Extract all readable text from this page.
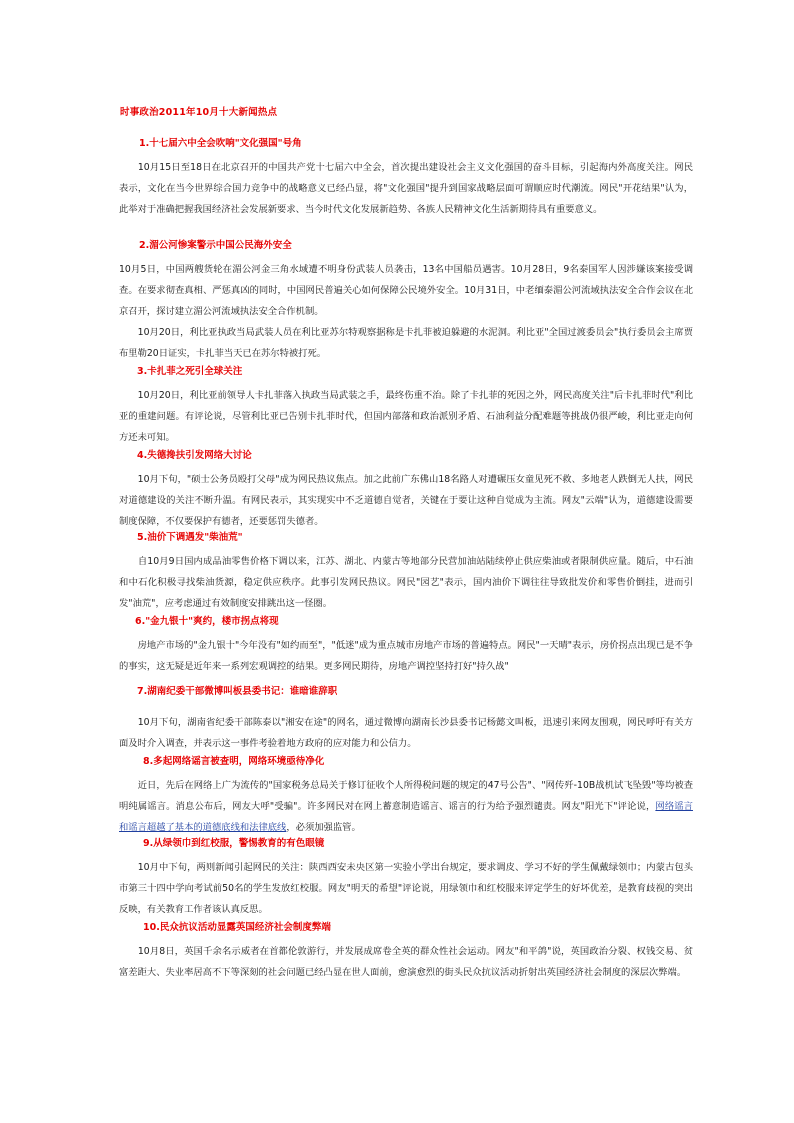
时事政治2011年10月十大新闻热点
1.十七届六中全会吹响"文化强国"号角

　　10月15日至18日在北京召开的中国共产党十七届六中全会，首次提出建设社会主义文化强国的奋斗目标，引起海内外高度关注。网民表示，文化在当今世界综合国力竞争中的战略意义已经凸显，将"文化强国"提升到国家战略层面可谓顺应时代潮流。网民"开花结果"认为，此举对于准确把握我国经济社会发展新要求、当今时代文化发展新趋势、各族人民精神文化生活新期待具有重要意义。

2.湄公河惨案警示中国公民海外安全

10月5日，中国两艘货轮在湄公河金三角水域遭不明身份武装人员袭击，13名中国船员遇害。10月28日，9名泰国军人因涉嫌该案接受调查。在要求彻查真相、严惩真凶的同时，中国网民普遍关心如何保障公民境外安全。10月31日，中老缅泰湄公河流域执法安全合作会议在北京召开，探讨建立湄公河流域执法安全合作机制。

　　10月20日，利比亚执政当局武装人员在利比亚苏尔特观察据称是卡扎菲被迫躲避的水泥洞。利比亚"全国过渡委员会"执行委员会主席贾布里勒20日证实，卡扎菲当天已在苏尔特被打死。

3.卡扎菲之死引全球关注

　　10月20日，利比亚前领导人卡扎菲落入执政当局武装之手，最终伤重不治。除了卡扎菲的死因之外，网民高度关注"后卡扎菲时代"利比亚的重建问题。有评论说，尽管利比亚已告别卡扎菲时代，但国内部落和政治派别矛盾、石油利益分配难题等挑战仍很严峻，利比亚走向何方还未可知。

4.失德搀扶引发网络大讨论

　　10月下旬，"硕士公务员殴打父母"成为网民热议焦点。加之此前广东佛山18名路人对遭碾压女童见死不救、多地老人跌倒无人扶，网民对道德建设的关注不断升温。有网民表示，其实现实中不乏道德自觉者，关键在于要让这种自觉成为主流。网友"云端"认为，道德建设需要制度保障，不仅要保护有德者，还要惩罚失德者。

5.油价下调遇发"柴油荒"

　　自10月9日国内成品油零售价格下调以来，江苏、湖北、内蒙古等地部分民营加油站陆续停止供应柴油或者限制供应量。随后，中石油和中石化积极寻找柴油货源，稳定供应秩序。此事引发网民热议。网民"园艺"表示，国内油价下调往往导致批发价和零售价倒挂，进而引发"油荒"，应考虑通过有效制度安排跳出这一怪圈。

6."金九银十"爽约，楼市拐点将现

　　房地产市场的"金九银十"今年没有"如约而至"，"低迷"成为重点城市房地产市场的普遍特点。网民"一天晴"表示，房价拐点出现已是不争的事实，这无疑是近年来一系列宏观调控的结果。更多网民期待，房地产调控坚持打好"持久战"

7.湖南纪委干部微博叫板县委书记：谁暗谁辞职

　　10月下旬，湖南省纪委干部陈泰以"湘安在途"的网名，通过微博向湖南长沙县委书记杨懿文叫板，迅速引来网友围观，网民呼吁有关方面及时介入调查，并表示这一事件考验着地方政府的应对能力和公信力。

8.多起网络谣言被查明，网络环境亟待净化

　　近日，先后在网络上广为流传的"国家税务总局关于修订征收个人所得税问题的规定的47号公告"、"网传歼-10B战机试飞坠毁"等均被查明纯属谣言。消息公布后，网友大呼"受骗"。许多网民对在网上蓄意制造谣言、谣言的行为给予强烈谴责。网友"阳光下"评论说，网络谣言和谣言超越了基本的道德底线和法律底线，必须加强监管。

9.从绿领巾到红校服，警惕教育的有色眼镜

　　10月中下旬，两则新闻引起网民的关注：陕西西安未央区第一实验小学出台规定，要求调皮、学习不好的学生佩戴绿领巾；内蒙古包头市第三十四中学向考试前50名的学生发放红校服。网友"明天的希望"评论说，用绿领巾和红校服来评定学生的好坏优差，是教育歧视的突出反映，有关教育工作者该认真反思。

10.民众抗议活动显露英国经济社会制度弊端

　　10月8日，英国千余名示威者在首都伦敦游行，并发展成席卷全英的群众性社会运动。网友"和平鸽"说，英国政治分裂、权钱交易、贫富差距大、失业率居高不下等深刻的社会问题已经凸显在世人面前，愈演愈烈的街头民众抗议活动折射出英国经济社会制度的深层次弊端。
